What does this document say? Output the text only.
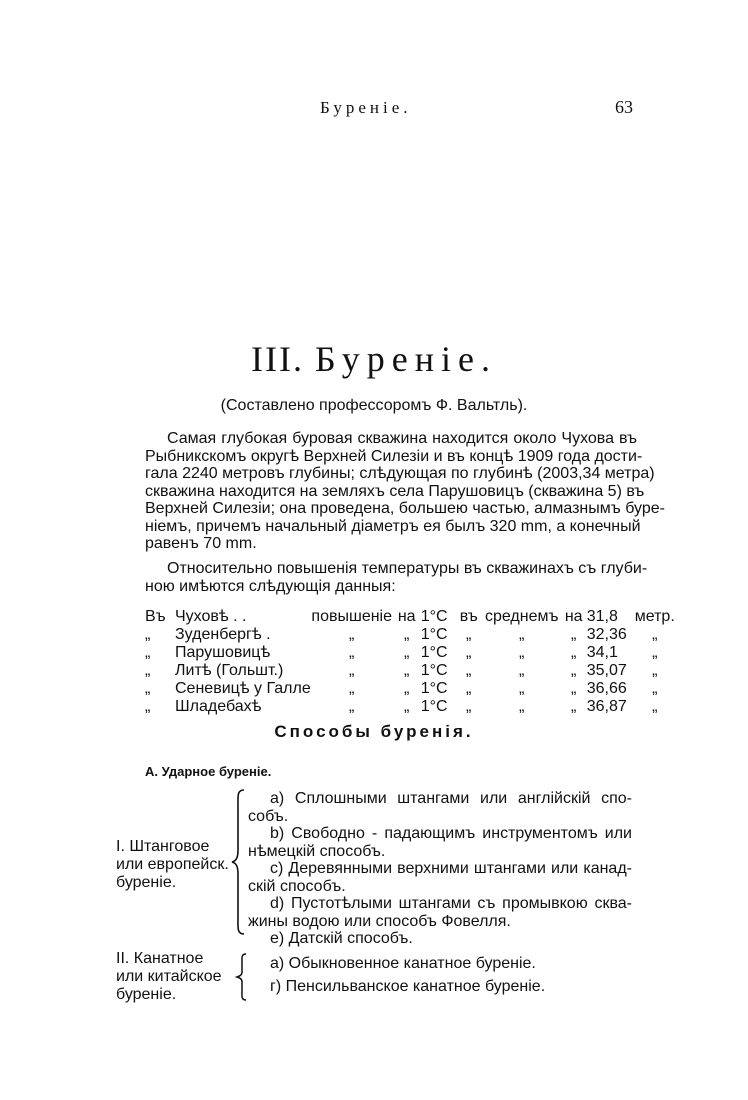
Буреніе.	63
III. Буреніе.
(Составлено профессоромъ Ф. Вальтль).
Самая глубокая буровая скважина находится около Чухова въ
Рыбникскомъ округѣ Верхней Силезіи и въ концѣ 1909 года дости-
гала 2240 метровъ глубины; слѣдующая по глубинѣ (2003,34 метра)
скважина находится на земляхъ села Парушовицъ (скважина 5) въ
Верхней Силезіи; она проведена, большею частью, алмазнымъ буре-
ніемъ, причемъ начальный діаметръ ея былъ 320 mm, а конечный
равенъ 70 mm.
Относительно повышенія температуры въ скважинахъ съ глуби-
ною имѣются слѣдующія данныя:
Въ	Чуховѣ . .	повышеніе	на	1°С	въ	среднемъ	на	31,8	метр.
„	Зуденбергѣ .	„	„	1°С	„	„	„	32,36	„
„	Парушовицѣ	„	„	1°С	„	„	„	34,1	„
„	Литѣ (Гольшт.)	„	„	1°С	„	„	„	35,07	„
„	Сеневицѣ у Галле	„	„	1°С	„	„	„	36,66	„
„	Шладебахѣ	„	„	1°С	„	„	„	36,87	„
Способы буренія.
А. Ударное буреніе.
I. Штанговое
или европейск.
буреніе.
a) Сплошными штангами или англійскій спо-
собъ.
b) Свободно - падающимъ инструментомъ или
нѣмецкій способъ.
c) Деревянными верхними штангами или канад-
скій способъ.
d) Пустотѣлыми штангами съ промывкою сква-
жины водою или способъ Фовелля.
e) Датскій способъ.
II. Канатное
или китайское
буреніе.
а) Обыкновенное канатное буреніе.
г) Пенсильванское канатное буреніе.
